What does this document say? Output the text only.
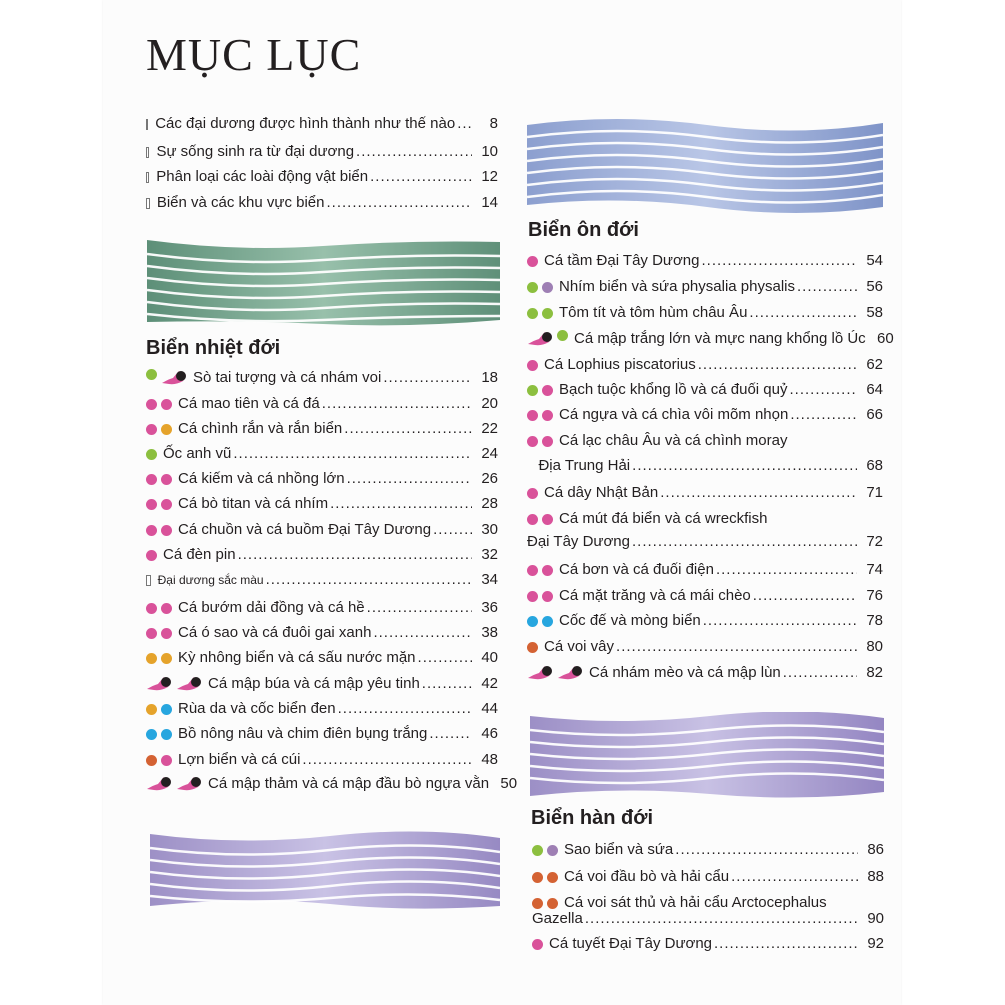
MỤC LỤC
Biển nhiệt đới
Biển ôn đới
Biển hàn đới
Các đại dương được hình thành như thế nào .....	8
Sự sống sinh ra từ đại dương .....	10
Phân loại các loài động vật biển .....	12
Biển và các khu vực biển .....	14
Sò tai tượng và cá nhám voi .....	18
Cá mao tiên và cá đá .....	20
Cá chình rắn và rắn biển .....	22
Ốc anh vũ .....	24
Cá kiếm và cá nhồng lớn .....	26
Cá bò titan và cá nhím .....	28
Cá chuồn và cá buồm Đại Tây Dương .....	30
Cá đèn pin .....	32
Đại dương sắc màu .....	34
Cá bướm dải đồng và cá hề .....	36
Cá ó sao và cá đuôi gai xanh .....	38
Kỳ nhông biển và cá sấu nước mặn .....	40
Cá mập búa và cá mập yêu tinh .....	42
Rùa da và cốc biển đen .....	44
Bồ nông nâu và chim điên bụng trắng .....	46
Lợn biển và cá cúi .....	48
Cá mập thảm và cá mập đầu bò ngựa vằn 50
Cá tầm Đại Tây Dương .....	54
Nhím biển và sứa physalia physalis .....	56
Tôm tít và tôm hùm châu Âu .....	58
Cá mập trắng lớn và mực nang khổng lồ Úc 60
Cá Lophius piscatorius .....	62
Bạch tuộc khổng lồ và cá đuối quỷ .....	64
Cá ngựa và cá chìa vôi mõm nhọn .....	66
Cá lạc châu Âu và cá chình moray
Địa Trung Hải .....	68
Cá dây Nhật Bản .....	71
Cá mút đá biển và cá wreckfish
Đại Tây Dương .....	72
Cá bơn và cá đuối điện .....	74
Cá mặt trăng và cá mái chèo .....	76
Cốc đế và mòng biển .....	78
Cá voi vây .....	80
Cá nhám mèo và cá mập lùn .....	82
Sao biển và sứa .....	86
Cá voi đầu bò và hải cẩu .....	88
Cá voi sát thủ và hải cẩu Arctocephalus
Gazella .....	90
Cá tuyết Đại Tây Dương .....	92
